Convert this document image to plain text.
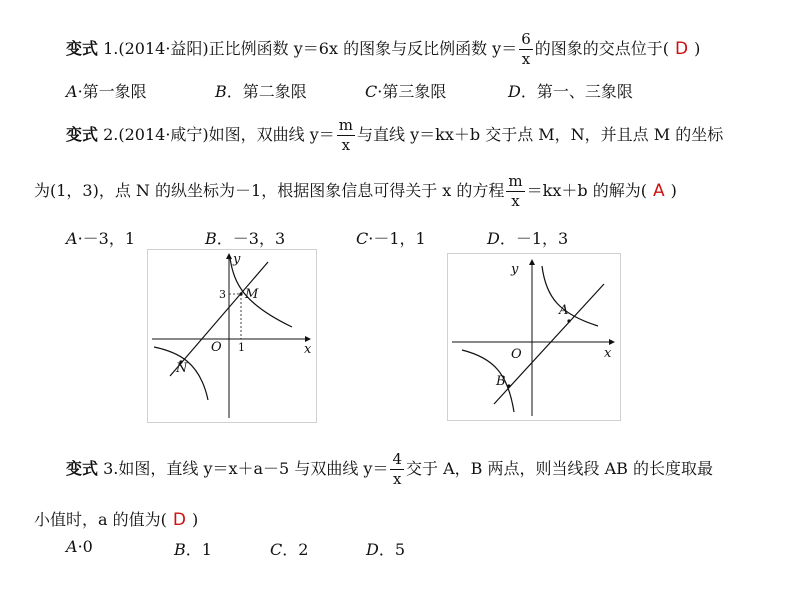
变式 1.(2014·益阳)正比例函数 y＝6x 的图象与反比例函数 $y= \frac{6}{x}$ 的图象的交点位于( D )
A·第一象限	B．第二象限	C·第三象限	D．第一、三象限
变式 2.(2014·咸宁)如图，双曲线 $y= \frac{m}{x}$ 与直线 y＝kx＋b 交于点 M，N，并且点 M 的坐标
为(1，3)，点 N 的纵坐标为－1，根据图象信息可得关于 x 的方程 $\frac{m}{x} =kx+b$ 的解为( A )
A·－3，1	B．－3，3	C·－1，1	D．－1，3
y
x
O
M
N
3
1
y
x
O
A
B
变式 3.如图，直线 y＝x＋a－5 与双曲线 $y= \frac{4}{x}$ 交于 A，B 两点，则当线段 AB 的长度取最
小值时，a 的值为( D )
A·0	B．1	C．2	D．5
